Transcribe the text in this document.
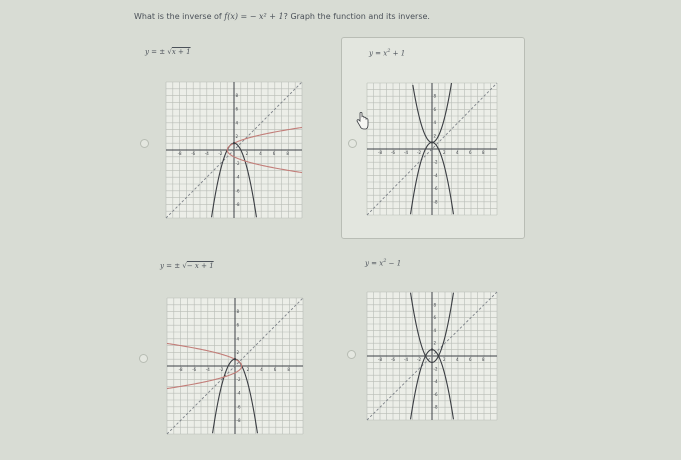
What is the inverse of f(x) = − x² + 1? Graph the function and its inverse.
y = ± √x + 1
-8 -6 -4 -2	2	4	6	8
8
6
4
2
-2
-4
-6
-8
$y = x^2 + 1$
-8 -6 -4 -2	2	4	6	8
8
6
4
2
-2
-4
-6
-8
y = ± √− x + 1
-8 -6 -4 -2	2	4	6	8
8
6
4
2
-2
-4
-6
-8
$y = x^2 - 1$
-8 -6 -4 -2	2	4	6	8
8
6
4
2
-2
-4
-6
-8
